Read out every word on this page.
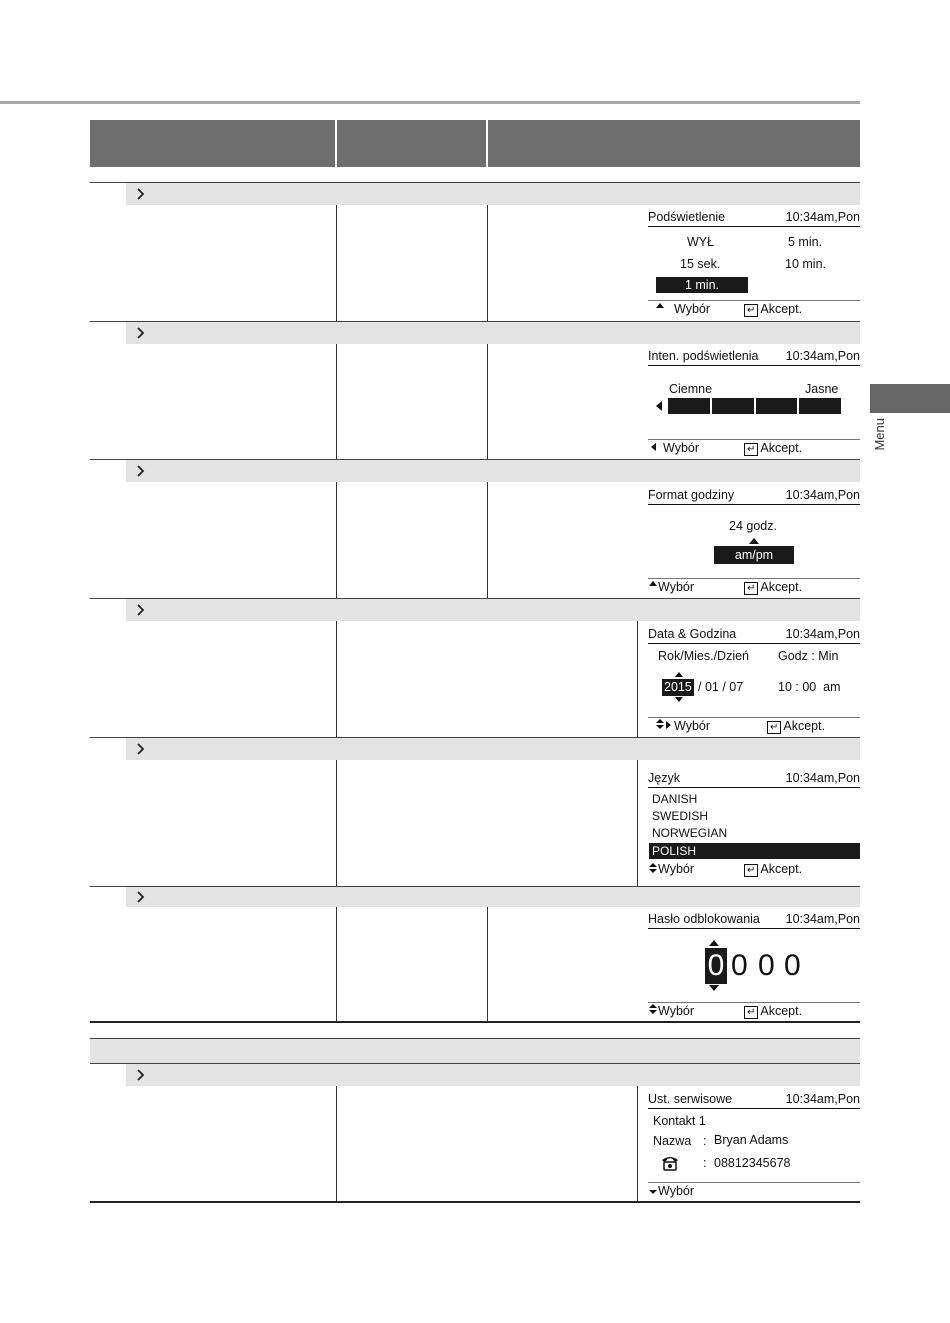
Menu
Podświetlenie	10:34am,Pon
WYŁ	5 min.
15 sek.	10 min.
1 min.
Wybór	↵ Akcept.
Inten. podświetlenia	10:34am,Pon
Ciemne	Jasne
Wybór	↵ Akcept.
Format godziny	10:34am,Pon
24 godz.
am/pm
Wybór	↵ Akcept.
Data & Godzina	10:34am,Pon
Rok/Mies./Dzień Godz : Min
2015 / 01 / 07	10 : 00  am
Wybór	↵ Akcept.
Język	10:34am,Pon
DANISH
SWEDISH
NORWEGIAN
POLISH
Wybór	↵ Akcept.
Hasło odblokowania	10:34am,Pon
0 0 0 0
Wybór	↵ Akcept.
Ust. serwisowe	10:34am,Pon
Kontakt 1
Nazwa : Bryan Adams
: 08812345678
Wybór
